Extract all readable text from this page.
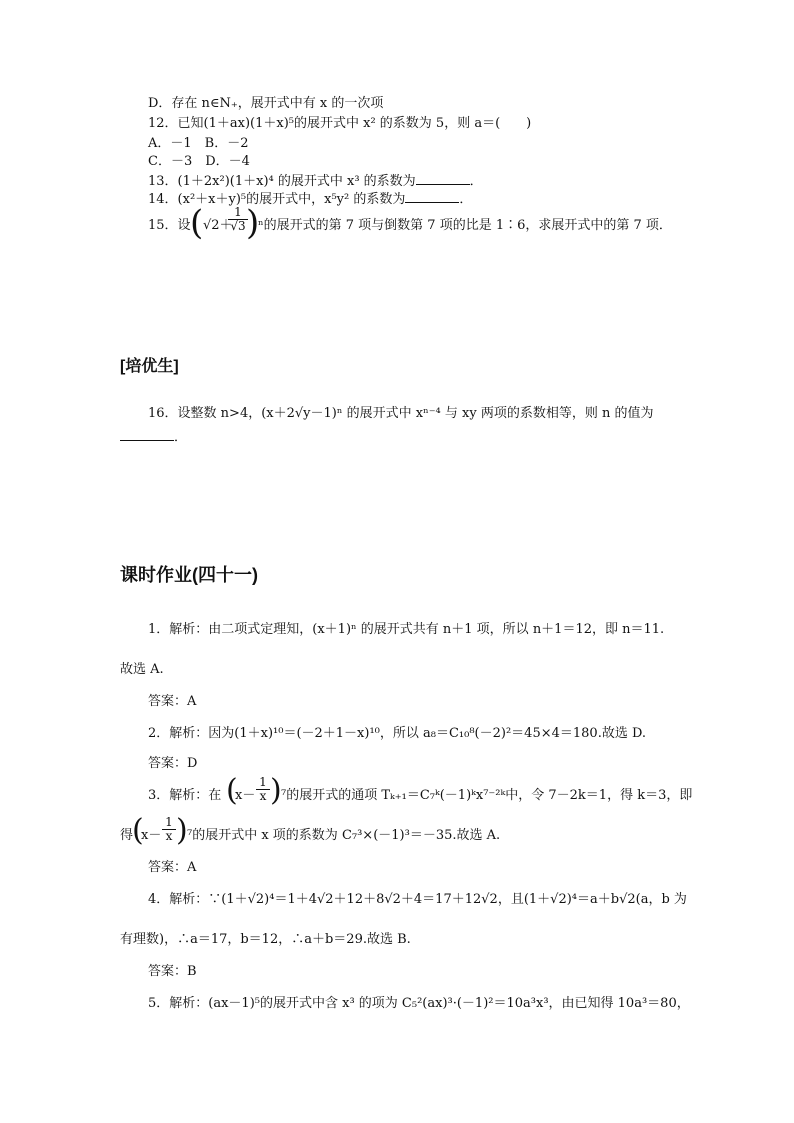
D．存在 n∈N₊，展开式中有 x 的一次项
12．已知(1＋ax)(1＋x)⁵的展开式中 x² 的系数为 5，则 a＝(　　)
A．－1　B．－2
C．－3　D．－4
13．(1＋2x²)(1＋x)⁴ 的展开式中 x³ 的系数为	．
14．(x²＋x＋y)⁵的展开式中，x⁵y² 的系数为	．
15．设 ( √2＋
$\frac{1}{√3}$
)
ⁿ的展开式的第 7 项与倒数第 7 项的比是 1∶6，求展开式中的第 7 项．
[培优生]
16．设整数 n>4，(x＋2√y－1)ⁿ 的展开式中 xⁿ⁻⁴ 与 xy 两项的系数相等，则 n 的值为
．
课时作业(四十一)
1．解析：由二项式定理知，(x＋1)ⁿ 的展开式共有 n＋1 项，所以 n＋1＝12，即 n＝11.
故选 A.
答案：A
2．解析：因为(1＋x)¹⁰＝(－2＋1－x)¹⁰，所以 a₈＝C₁₀⁸(－2)²＝45×4＝180.故选 D.
答案：D
3．解析：在 (
$x- \frac{1}{x}$ ) ⁷的展开式的通项 Tₖ₊₁＝C₇ᵏ(－1)ᵏx⁷⁻²ᵏ中，令 7－2k＝1，得 k＝3，即
得
(
$x- \frac{1}{x}$ ) ⁷的展开式中 x 项的系数为 C₇³×(－1)³＝－35.故选 A.
答案：A
4．解析：∵(1＋√2)⁴＝1＋4√2＋12＋8√2＋4＝17＋12√2，且(1＋√2)⁴＝a＋b√2(a，b 为
有理数)，∴a＝17，b＝12，∴a＋b＝29.故选 B.
答案：B
5．解析：(ax－1)⁵的展开式中含 x³ 的项为 C₅²(ax)³·(－1)²＝10a³x³，由已知得 10a³＝80，
